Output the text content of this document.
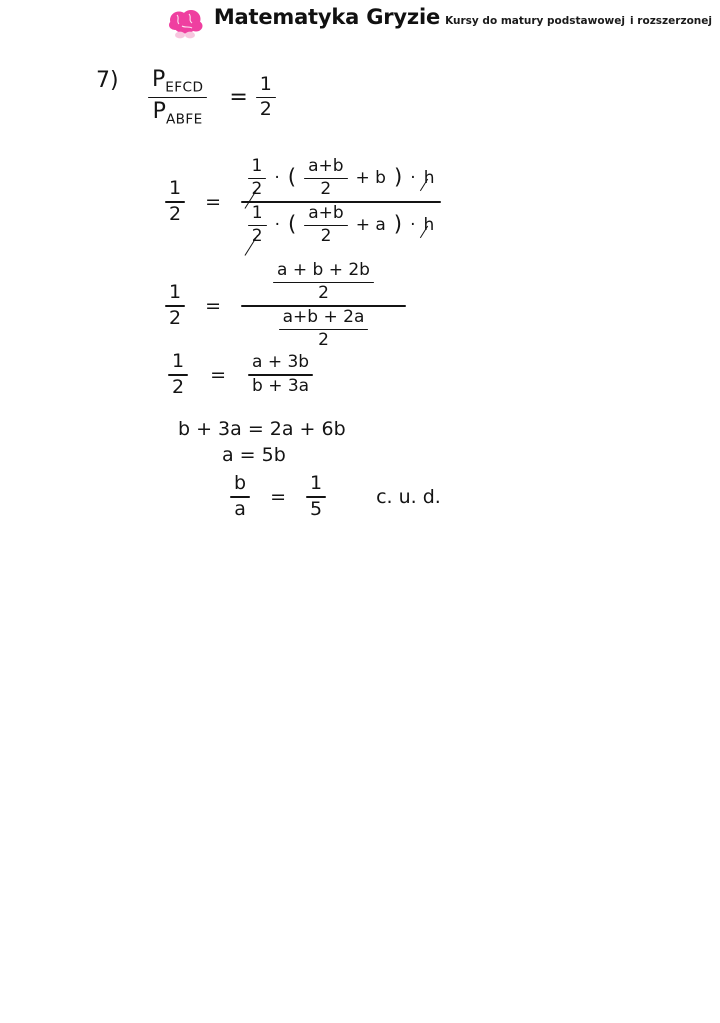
Matematyka Gryzie Kursy do matury podstawowej i rozszerzonej
$7) \frac{P_{EFCD}}{P_{ABFE}} = \frac{1}{2}$
$\frac{1}{2}$ =
$\frac{1}{2}$ · ( $\frac{a+b}{2} + b$ ) · h
$\frac{1}{2}$ · ( $\frac{a+b}{2} + a$ ) · h
$\frac{1}{2} = \frac{\frac{a + b + 2b}{2}}{\frac{a+b + 2a}{2}}$
$\frac{1}{2} = \frac{a + 3b}{b + 3a}$
b + 3a = 2a + 6b
a = 5b
$\frac{b}{a} = \frac{1}{5}$	c. u. d.
